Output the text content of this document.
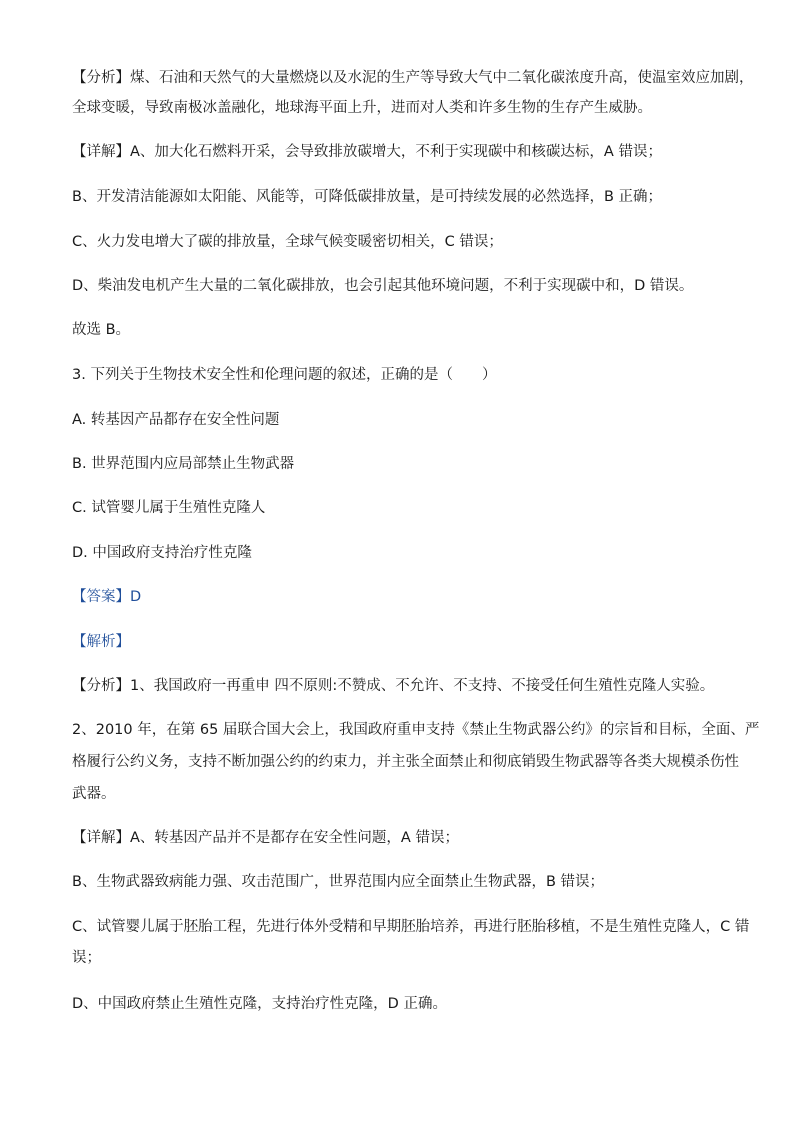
【分析】煤、石油和天然气的大量燃烧以及水泥的生产等导致大气中二氧化碳浓度升高，使温室效应加剧，
全球变暖，导致南极冰盖融化，地球海平面上升，进而对人类和许多生物的生存产生威胁。
【详解】A、加大化石燃料开采，会导致排放碳增大，不利于实现碳中和核碳达标，A 错误；
B、开发清洁能源如太阳能、风能等，可降低碳排放量，是可持续发展的必然选择，B 正确；
C、火力发电增大了碳的排放量，全球气候变暖密切相关，C 错误；
D、柴油发电机产生大量的二氧化碳排放，也会引起其他环境问题，不利于实现碳中和，D 错误。
故选 B。
3. 下列关于生物技术安全性和伦理问题的叙述，正确的是（　　）
A. 转基因产品都存在安全性问题
B. 世界范围内应局部禁止生物武器
C. 试管婴儿属于生殖性克隆人
D. 中国政府支持治疗性克隆
【答案】D
【解析】
【分析】1、我国政府一再重申 四不原则:不赞成、不允许、不支持、不接受任何生殖性克隆人实验。
2、2010 年，在第 65 届联合国大会上，我国政府重申支持《禁止生物武器公约》的宗旨和目标，全面、严
格履行公约义务，支持不断加强公约的约束力，并主张全面禁止和彻底销毁生物武器等各类大规模杀伤性
武器。
【详解】A、转基因产品并不是都存在安全性问题，A 错误；
B、生物武器致病能力强、攻击范围广，世界范围内应全面禁止生物武器，B 错误；
C、试管婴儿属于胚胎工程，先进行体外受精和早期胚胎培养，再进行胚胎移植，不是生殖性克隆人，C 错
误；
D、中国政府禁止生殖性克隆，支持治疗性克隆，D 正确。
